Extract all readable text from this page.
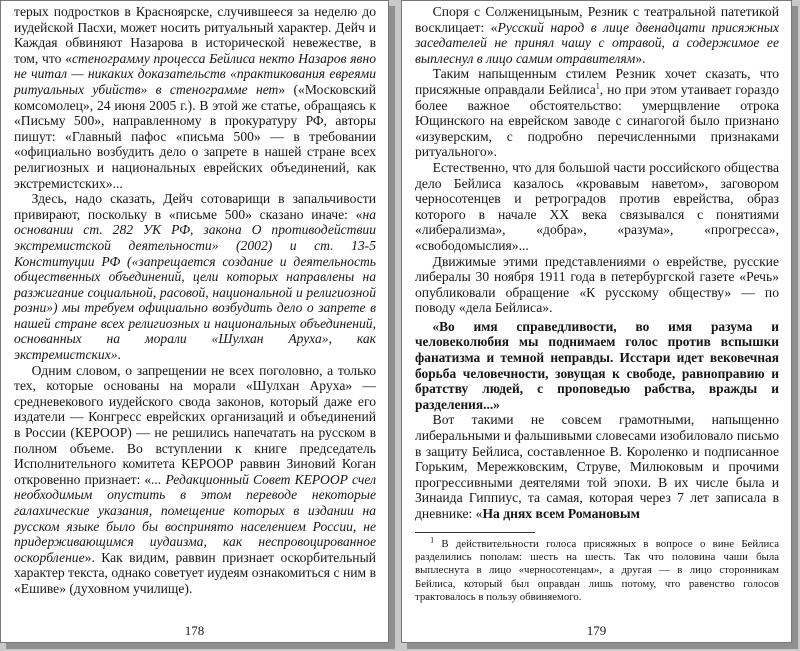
терых подростков в Красноярске, случившееся за неделю до иудейской Пасхи, может носить ритуальный характер. Дейч и Каждая обвиняют Назарова в исторической невежестве, в том, что «стенограмму процесса Бейлиса некто Назаров явно не читал — никаких доказательств «практикования евреями ритуальных убийств» в стенограмме нет» («Московский комсомолец», 24 июня 2005 г.). В этой же статье, обращаясь к «Письму 500», направленному в прокуратуру РФ, авторы пишут: «Главный пафос «письма 500» — в требовании «официально возбудить дело о запрете в нашей стране всех религиозных и национальных еврейских объединений, как экстремистских»...

Здесь, надо сказать, Дейч сотоварищи в запальчивости привирают, поскольку в «письме 500» сказано иначе: «на основании ст. 282 УК РФ, закона О противодействии экстремистской деятельности» (2002) и ст. 13-5 Конституции РФ («запрещается создание и деятельность общественных объединений, цели которых направлены на разжигание социальной, расовой, национальной и религиозной розни») мы требуем официально возбудить дело о запрете в нашей стране всех религиозных и национальных объединений, основанных на морали «Шулхан Аруха», как экстремистских».

Одним словом, о запрещении не всех поголовно, а только тех, которые основаны на морали «Шулхан Аруха» — средневекового иудейского свода законов, который даже его издатели — Конгресс еврейских организаций и объединений в России (КЕРООР) — не решились напечатать на русском в полном объеме. Во вступлении к книге председатель Исполнительного комитета КЕРООР раввин Зиновий Коган откровенно признает: «... Редакционный Совет КЕРООР счел необходимым опустить в этом переводе некоторые галахические указания, помещение которых в издании на русском языке было бы воспринято населением России, не придерживающимся иудаизма, как неспровоцированное оскорбление». Как видим, раввин признает оскорбительный характер текста, однако советует иудеям ознакомиться с ним в «Ешиве» (духовном училище).

178

Споря с Солженицыным, Резник с театральной патетикой восклицает: «Русский народ в лице двенадцати присяжных заседателей не принял чашу с отравой, а содержимое ее выплеснул в лицо самим отравителям».

Таким напыщенным стилем Резник хочет сказать, что присяжные оправдали Бейлиса$^1$, но при этом утаивает гораздо более важное обстоятельство: умерщвление отрока Ющинского на еврейском заводе с синагогой было признано «изуверским, с подробно перечисленными признаками ритуального».

Естественно, что для большой части российского общества дело Бейлиса казалось «кровавым наветом», заговором черносотенцев и ретроградов против еврейства, образ которого в начале XX века связывался с понятиями «либерализма», «добра», «разума», «прогресса», «свободомыслия»...

Движимые этими представлениями о еврействе, русские либералы 30 ноября 1911 года в петербургской газете «Речь» опубликовали обращение «К русскому обществу» — по поводу «дела Бейлиса».

«Во имя справедливости, во имя разума и человеколюбия мы поднимаем голос против вспышки фанатизма и темной неправды. Исстари идет вековечная борьба человечности, зовущая к свободе, равноправию и братству людей, с проповедью рабства, вражды и разделения...»

Вот такими не совсем грамотными, напыщенно либеральными и фальшивыми словесами изобиловало письмо в защиту Бейлиса, составленное В. Короленко и подписанное Горьким, Мережковским, Струве, Милюковым и прочими прогрессивными деятелями той эпохи. В их числе была и Зинаида Гиппиус, та самая, которая через 7 лет записала в дневнике: «На днях всем Романовым

$^1$ В действительности голоса присяжных в вопросе о вине Бейлиса разделились пополам: шесть на шесть. Так что половина чаши была выплеснута в лицо «черносотенцам», а другая — в лицо сторонникам Бейлиса, который был оправдан лишь потому, что равенство голосов трактовалось в пользу обвиняемого.

179
